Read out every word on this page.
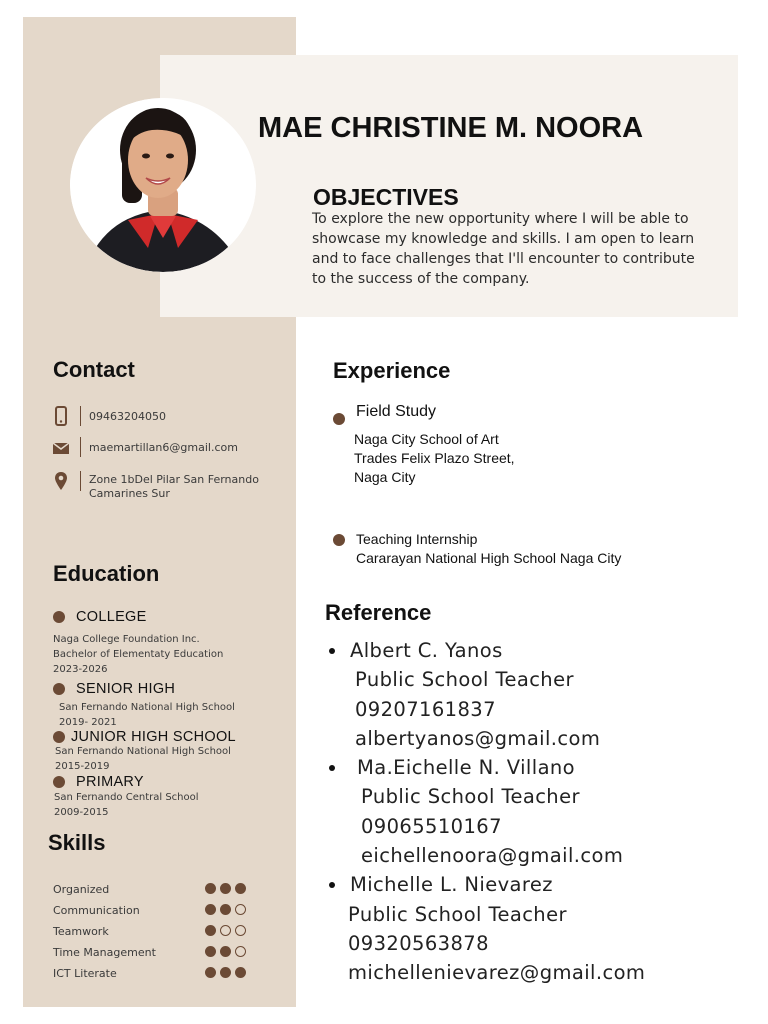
MAE CHRISTINE M. NOORA
OBJECTIVES
To explore the new opportunity where I will be able to showcase my knowledge and skills. I am open to learn and to face challenges that I'll encounter to contribute to the success of the company.
Contact
09463204050
maemartillan6@gmail.com
Zone 1bDel Pilar San Fernando
Camarines Sur
Education
COLLEGE
Naga College Foundation Inc.
Bachelor of Elementaty Education
2023-2026
SENIOR HIGH
San Fernando National High School
2019- 2021
JUNIOR HIGH SCHOOL
San Fernando National High School
2015-2019
PRIMARY
San Fernando Central School
2009-2015
Skills
Organized
Communication
Teamwork
Time Management
ICT Literate
Experience
Field Study
Naga City School of Art
Trades Felix Plazo Street,
Naga City
Teaching Internship
Cararayan National High School Naga City
Reference
Albert C. Yanos
Public School Teacher
09207161837
albertyanos@gmail.com
Ma.Eichelle N. Villano
Public School Teacher
09065510167
eichellenoora@gmail.com
Michelle L. Nievarez
Public School Teacher
09320563878
michellenievarez@gmail.com
